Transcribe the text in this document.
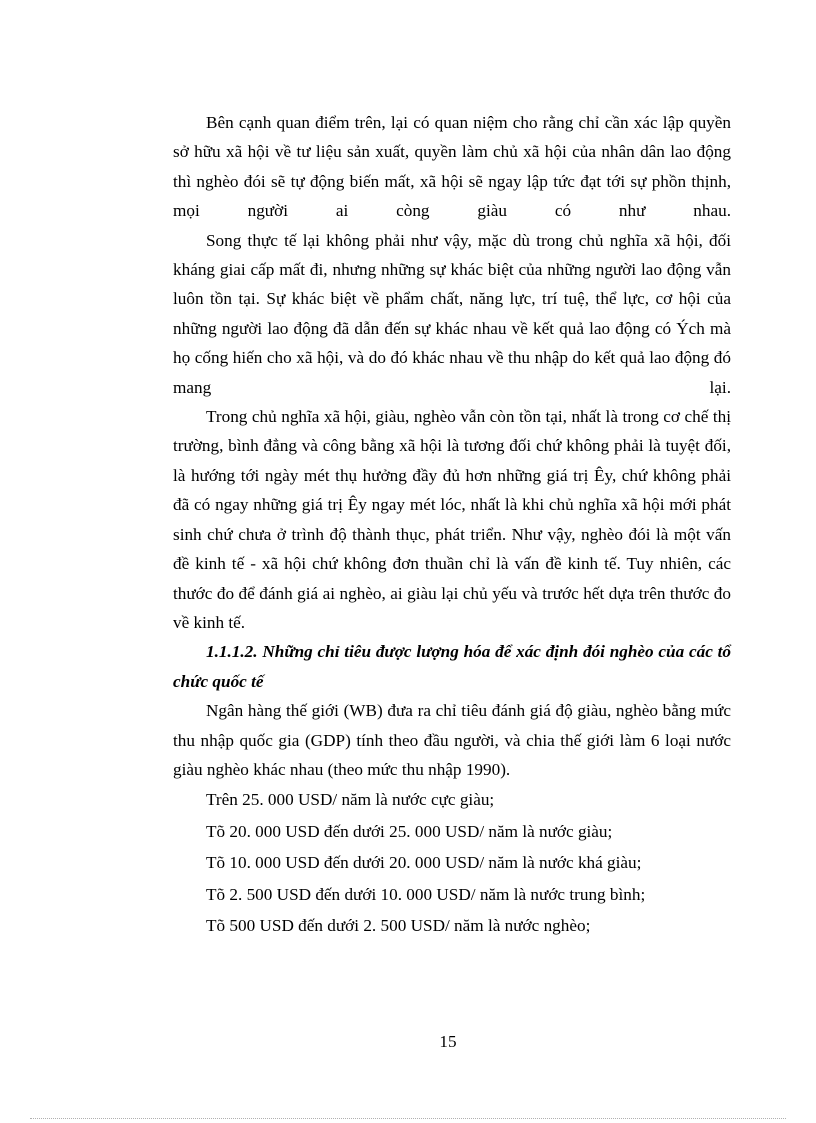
Bên cạnh quan điểm trên, lại có quan niệm cho rằng chỉ cần xác lập quyền sở hữu xã hội về tư liệu sản xuất, quyền làm chủ xã hội của nhân dân lao động thì nghèo đói sẽ tự động biến mất, xã hội sẽ ngay lập tức đạt tới sự phồn thịnh, mọi người ai còng giàu có như nhau.

Song thực tế lại không phải như vậy, mặc dù trong chủ nghĩa xã hội, đối kháng giai cấp mất đi, nhưng những sự khác biệt của những người lao động vẫn luôn tồn tại. Sự khác biệt về phẩm chất, năng lực, trí tuệ, thể lực, cơ hội của những người lao động đã dẫn đến sự khác nhau về kết quả lao động có Ých mà họ cống hiến cho xã hội, và do đó khác nhau về thu nhập do kết quả lao động đó mang lại.

Trong chủ nghĩa xã hội, giàu, nghèo vẫn còn tồn tại, nhất là trong cơ chế thị trường, bình đẳng và công bằng xã hội là tương đối chứ không phải là tuyệt đối, là hướng tới ngày mét thụ hưởng đầy đủ hơn những giá trị Êy, chứ không phải đã có ngay những giá trị Êy ngay mét lóc, nhất là khi chủ nghĩa xã hội mới phát sinh chứ chưa ở trình độ thành thục, phát triển. Như vậy, nghèo đói là một vấn đề kinh tế - xã hội chứ không đơn thuần chỉ là vấn đề kinh tế. Tuy nhiên, các thước đo để đánh giá ai nghèo, ai giàu lại chủ yếu và trước hết dựa trên thước đo về kinh tế.

1.1.1.2. Những chỉ tiêu được lượng hóa để xác định đói nghèo của các tổ chức quốc tế

Ngân hàng thế giới (WB) đưa ra chỉ tiêu đánh giá độ giàu, nghèo bằng mức thu nhập quốc gia (GDP) tính theo đầu người, và chia thế giới làm 6 loại nước giàu nghèo khác nhau (theo mức thu nhập 1990).

Trên 25. 000 USD/ năm là nước cực giàu;
Tõ 20. 000 USD đến dưới 25. 000 USD/ năm là nước giàu;
Tõ 10. 000 USD đến dưới 20. 000 USD/ năm là nước khá giàu;
Tõ 2. 500 USD đến dưới 10. 000 USD/ năm là nước trung bình;
Tõ 500 USD đến dưới 2. 500 USD/ năm là nước nghèo;
15
